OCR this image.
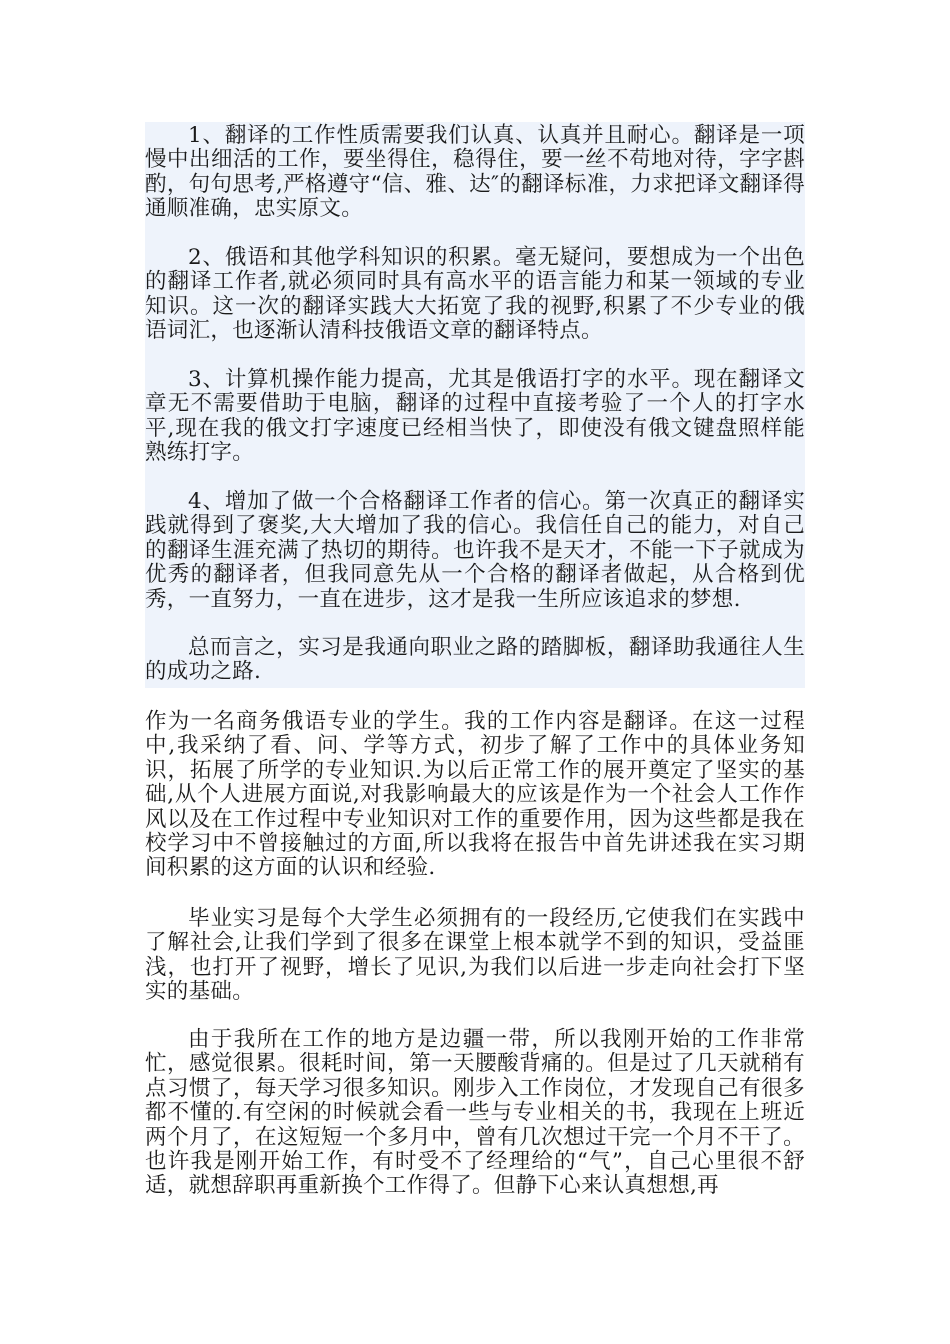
1、翻译的工作性质需要我们认真、认真并且耐心。翻译是一项慢中出细活的工作，要坐得住，稳得住，要一丝不苟地对待，字字斟酌，句句思考,严格遵守“信、雅、达″的翻译标准，力求把译文翻译得通顺准确，忠实原文。

2、俄语和其他学科知识的积累。毫无疑问，要想成为一个出色的翻译工作者,就必须同时具有高水平的语言能力和某一领域的专业知识。这一次的翻译实践大大拓宽了我的视野,积累了不少专业的俄语词汇，也逐渐认清科技俄语文章的翻译特点。

3、计算机操作能力提高，尤其是俄语打字的水平。现在翻译文章无不需要借助于电脑，翻译的过程中直接考验了一个人的打字水平,现在我的俄文打字速度已经相当快了，即使没有俄文键盘照样能熟练打字。

4、增加了做一个合格翻译工作者的信心。第一次真正的翻译实践就得到了褒奖,大大增加了我的信心。我信任自己的能力，对自己的翻译生涯充满了热切的期待。也许我不是天才，不能一下子就成为优秀的翻译者，但我同意先从一个合格的翻译者做起，从合格到优秀，一直努力，一直在进步，这才是我一生所应该追求的梦想.

总而言之，实习是我通向职业之路的踏脚板，翻译助我通往人生的成功之路.

作为一名商务俄语专业的学生。我的工作内容是翻译。在这一过程中,我采纳了看、问、学等方式，初步了解了工作中的具体业务知识，拓展了所学的专业知识.为以后正常工作的展开奠定了坚实的基础,从个人进展方面说,对我影响最大的应该是作为一个社会人工作作风以及在工作过程中专业知识对工作的重要作用，因为这些都是我在校学习中不曾接触过的方面,所以我将在报告中首先讲述我在实习期间积累的这方面的认识和经验.

毕业实习是每个大学生必须拥有的一段经历,它使我们在实践中了解社会,让我们学到了很多在课堂上根本就学不到的知识，受益匪浅，也打开了视野，增长了见识,为我们以后进一步走向社会打下坚实的基础。

由于我所在工作的地方是边疆一带，所以我刚开始的工作非常忙，感觉很累。很耗时间，第一天腰酸背痛的。但是过了几天就稍有点习惯了，每天学习很多知识。刚步入工作岗位，才发现自己有很多都不懂的.有空闲的时候就会看一些与专业相关的书，我现在上班近两个月了，在这短短一个多月中，曾有几次想过干完一个月不干了。也许我是刚开始工作，有时受不了经理给的“气”，自己心里很不舒适，就想辞职再重新换个工作得了。但静下心来认真想想,再
